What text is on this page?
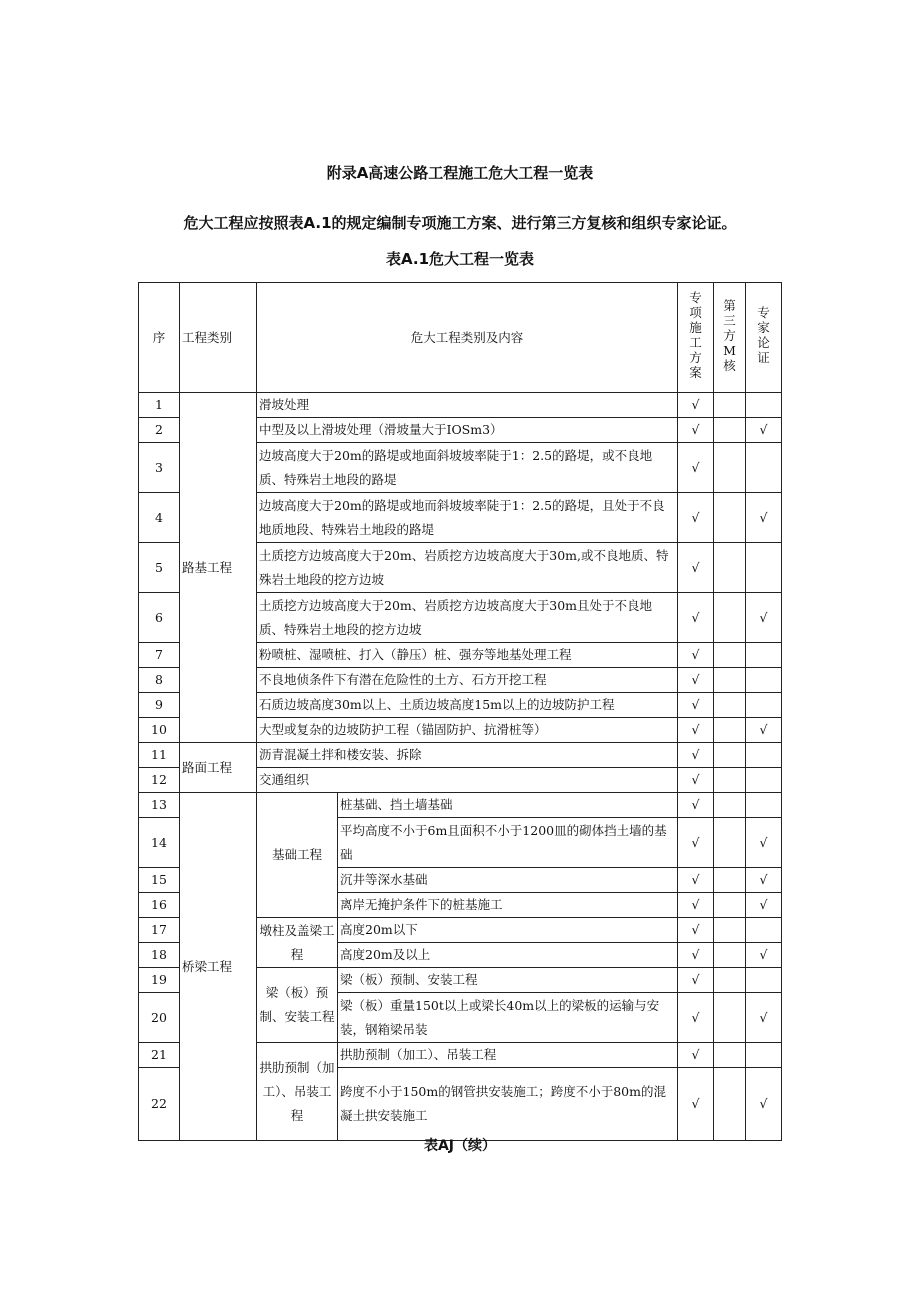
附录A高速公路工程施工危大工程一览表
危大工程应按照表A.1的规定编制专项施工方案、进行第三方复核和组织专家论证。
表A.1危大工程一览表
序	工程类别	危大工程类别及内容		专项施工方案	第三方M核	专家论证
1	路基工程	滑坡处理		√		
2		中型及以上滑坡处理（滑坡量大于IOSm3）		√		√
3		边坡高度大于20m的路堤或地面斜坡坡率陡于1：2.5的路堤，或不良地质、特殊岩土地段的路堤		√		
4		边坡高度大于20m的路堤或地而斜坡坡率陡于1：2.5的路堤，且处于不良地质地段、特殊岩土地段的路堤		√		√
5		土质挖方边坡高度大于20m、岩质挖方边坡高度大于30m,或不良地质、特殊岩土地段的挖方边坡		√		
6		土质挖方边坡高度大于20m、岩质挖方边坡高度大于30m且处于不良地质、特殊岩土地段的挖方边坡		√		√
7		粉喷桩、湿喷桩、打入（静压）桩、强夯等地基处理工程		√		
8		不良地侦条件下有潜在危险性的土方、石方开挖工程		√		
9		石质边坡高度30m以上、土质边坡高度15m以上的边坡防护工程		√		
10		大型或复杂的边坡防护工程（锚固防护、抗滑桩等）		√		√
11	路面工程	沥青混凝土拌和楼安装、拆除		√		
12		交通组织		√		
13	桥梁工程	基础工程	桩基础、挡土墙基础	√		
14			平均高度不小于6m且面积不小于1200皿的砌体挡土墙的基础	√		√
15			沉井等深水基础	√		√
16			离岸无掩护条件下的桩基施工	√		√
17		墩柱及盖梁工程	高度20m以下	√		
18			高度20m及以上	√		√
19		梁（板）预制、安装工程	梁（板）预制、安装工程	√		
20			梁（板）重量150t以上或梁长40m以上的梁板的运输与安装，钢箱梁吊装	√		√
21		拱肋预制（加工）、吊装工程	拱肋预制（加工）、吊装工程	√		
22			跨度不小于150m的钢管拱安装施工；跨度不小于80m的混凝土拱安装施工	√		√
表AJ（续）
